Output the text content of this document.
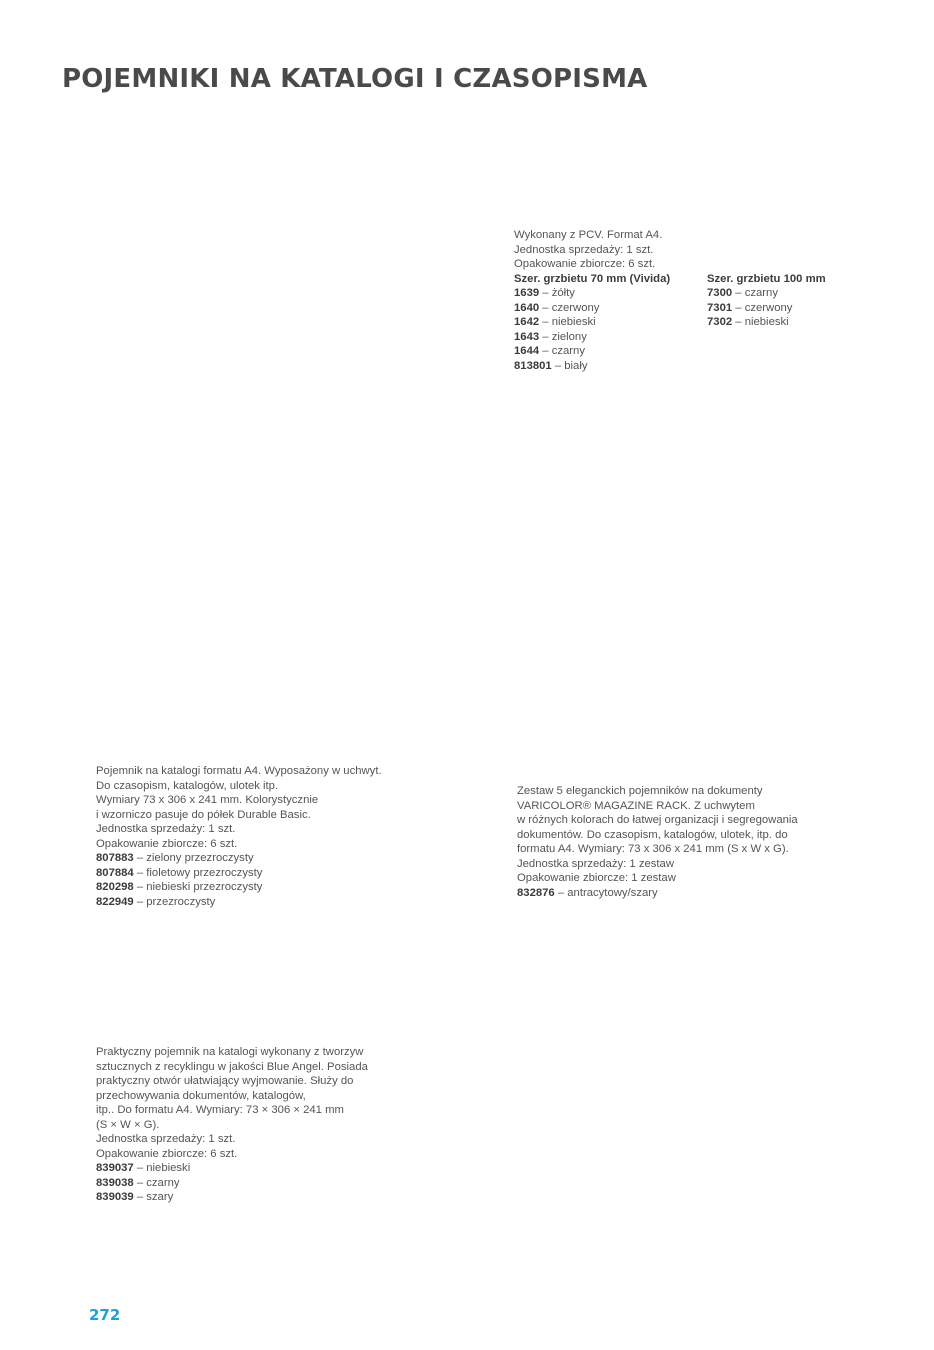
POJEMNIKI NA KATALOGI I CZASOPISMA
Wykonany z PCV. Format A4.
Jednostka sprzedaży: 1 szt.
Opakowanie zbiorcze: 6 szt.
Szer. grzbietu 70 mm (Vivida)
1639 – żółty
1640 – czerwony
1642 – niebieski
1643 – zielony
1644 – czarny
813801 – biały
Szer. grzbietu 100 mm
7300 – czarny
7301 – czerwony
7302 – niebieski
Pojemnik na katalogi formatu A4. Wyposażony w uchwyt.
Do czasopism, katalogów, ulotek itp.
Wymiary 73 x 306 x 241 mm. Kolorystycznie
i wzorniczo pasuje do półek Durable Basic.
Jednostka sprzedaży: 1 szt.
Opakowanie zbiorcze: 6 szt.
807883 – zielony przezroczysty
807884 – fioletowy przezroczysty
820298 – niebieski przezroczysty
822949 – przezroczysty
Zestaw 5 eleganckich pojemników na dokumenty
VARICOLOR® MAGAZINE RACK. Z uchwytem
w różnych kolorach do łatwej organizacji i segregowania
dokumentów. Do czasopism, katalogów, ulotek, itp. do
formatu A4. Wymiary: 73 x 306 x 241 mm (S x W x G).
Jednostka sprzedaży: 1 zestaw
Opakowanie zbiorcze: 1 zestaw
832876 – antracytowy/szary
Praktyczny pojemnik na katalogi wykonany z tworzyw
sztucznych z recyklingu w jakości Blue Angel. Posiada
praktyczny otwór ułatwiający wyjmowanie. Służy do
przechowywania dokumentów, katalogów,
itp.. Do formatu A4. Wymiary: 73 × 306 × 241 mm
(S × W × G).
Jednostka sprzedaży: 1 szt.
Opakowanie zbiorcze: 6 szt.
839037 – niebieski
839038 – czarny
839039 – szary
272
